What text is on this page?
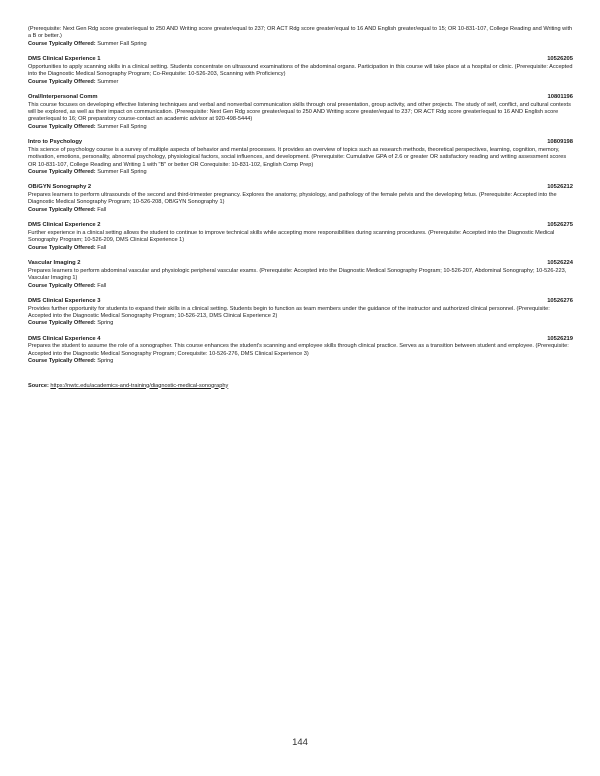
(Prerequisite: Next Gen Rdg score greater/equal to 250 AND Writing score greater/equal to 237; OR ACT Rdg score greater/equal to 16 AND English greater/equal to 15; OR 10-831-107, College Reading and Writing with a B or better.)

Course Typically Offered: Summer Fall Spring
DMS Clinical Experience 1	10526205

Opportunities to apply scanning skills in a clinical setting. Students concentrate on ultrasound examinations of the abdominal organs. Participation in this course will take place at a hospital or clinic. (Prerequisite: Accepted into the Diagnostic Medical Sonography Program; Co-Requisite: 10-526-203, Scanning with Proficiency)

Course Typically Offered: Summer
Oral/Interpersonal Comm	10801196

This course focuses on developing effective listening techniques and verbal and nonverbal communication skills through oral presentation, group activity, and other projects. The study of self, conflict, and cultural contexts will be explored, as well as their impact on communication. (Prerequisite: Next Gen Rdg score greater/equal to 250 AND Writing score greater/equal to 237; OR ACT Rdg score greater/equal to 16 AND English score greater/equal to 16; OR preparatory course-contact an academic advisor at 920-498-5444)

Course Typically Offered: Summer Fall Spring
Intro to Psychology	10809198

This science of psychology course is a survey of multiple aspects of behavior and mental processes. It provides an overview of topics such as research methods, theoretical perspectives, learning, cognition, memory, motivation, emotions, personality, abnormal psychology, physiological factors, social influences, and development. (Prerequisite: Cumulative GPA of 2.6 or greater OR satisfactory reading and writing assessment scores OR 10-831-107, College Reading and Writing 1 with "B" or better OR Corequisite: 10-831-102, English Comp Prep)

Course Typically Offered: Summer Fall Spring
OB/GYN Sonography 2	10526212

Prepares learners to perform ultrasounds of the second and third-trimester pregnancy. Explores the anatomy, physiology, and pathology of the female pelvis and the developing fetus. (Prerequisite: Accepted into the Diagnostic Medical Sonography Program; 10-526-208, OB/GYN Sonography 1)

Course Typically Offered: Fall
DMS Clinical Experience 2	10526275

Further experience in a clinical setting allows the student to continue to improve technical skills while accepting more responsibilities during scanning procedures. (Prerequisite: Accepted into the Diagnostic Medical Sonography Program; 10-526-209, DMS Clinical Experience 1)

Course Typically Offered: Fall
Vascular Imaging 2	10526224

Prepares learners to perform abdominal vascular and physiologic peripheral vascular exams. (Prerequisite: Accepted into the Diagnostic Medical Sonography Program; 10-526-207, Abdominal Sonography; 10-526-223, Vascular Imaging 1)

Course Typically Offered: Fall
DMS Clinical Experience 3	10526276

Provides further opportunity for students to expand their skills in a clinical setting. Students begin to function as team members under the guidance of the instructor and authorized clinical personnel. (Prerequisite: Accepted into the Diagnostic Medical Sonography Program; 10-526-213, DMS Clinical Experience 2)

Course Typically Offered: Spring
DMS Clinical Experience 4	10526219

Prepares the student to assume the role of a sonographer. This course enhances the student's scanning and employee skills through clinical practice. Serves as a transition between student and employee. (Prerequisite: Accepted into the Diagnostic Medical Sonography Program; Corequisite: 10-526-276, DMS Clinical Experience 3)

Course Typically Offered: Spring
Source: https://nwtc.edu/academics-and-training/diagnostic-medical-sonography
144
